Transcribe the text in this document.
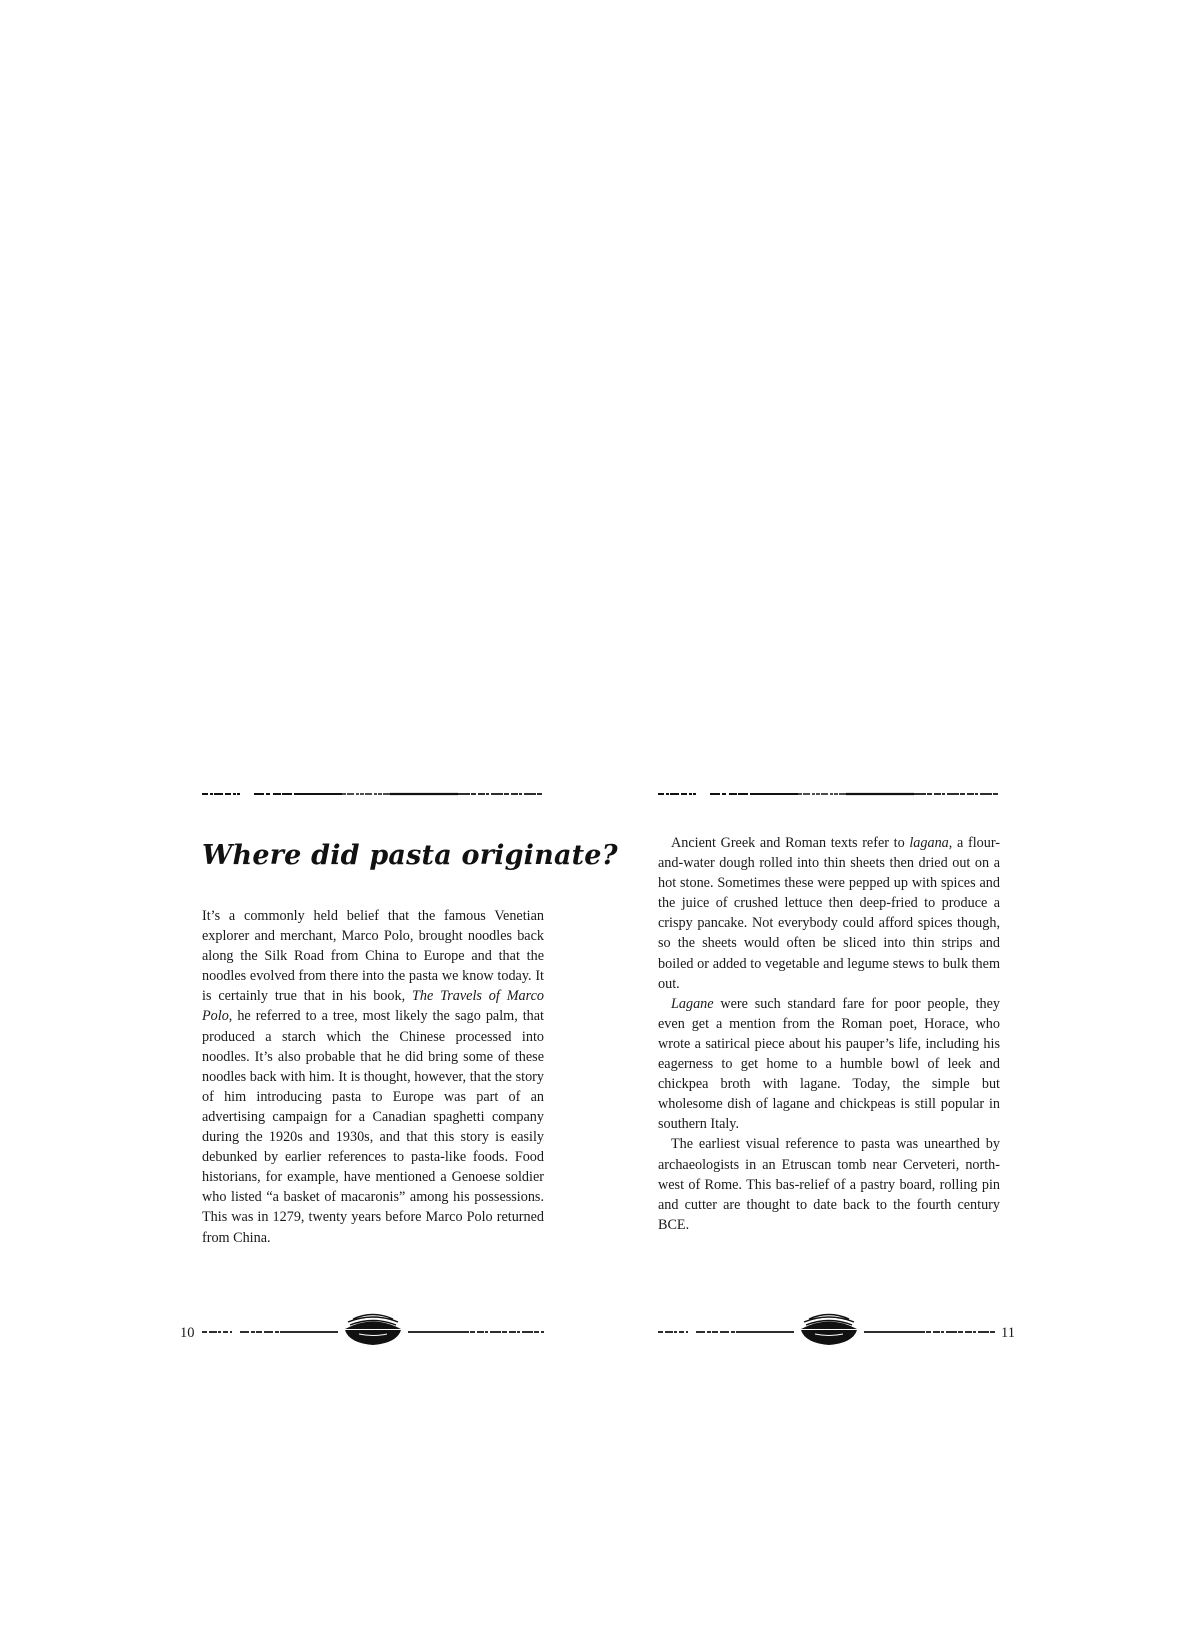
Where did pasta originate?

It’s a commonly held belief that the famous Venetian explorer and merchant, Marco Polo, brought noodles back along the Silk Road from China to Europe and that the noodles evolved from there into the pasta we know today. It is certainly true that in his book, The Travels of Marco Polo, he referred to a tree, most likely the sago palm, that produced a starch which the Chinese processed into noodles. It’s also probable that he did bring some of these noodles back with him. It is thought, however, that the story of him introducing pasta to Europe was part of an advertising campaign for a Canadian spaghetti company during the 1920s and 1930s, and that this story is easily debunked by earlier references to pasta-like foods. Food historians, for example, have mentioned a Genoese soldier who listed “a basket of macaronis” among his possessions. This was in 1279, twenty years before Marco Polo returned from China.

Ancient Greek and Roman texts refer to lagana, a flour-and-water dough rolled into thin sheets then dried out on a hot stone. Sometimes these were pepped up with spices and the juice of crushed lettuce then deep-fried to produce a crispy pancake. Not everybody could afford spices though, so the sheets would often be sliced into thin strips and boiled or added to vegetable and legume stews to bulk them out.

Lagane were such standard fare for poor people, they even get a mention from the Roman poet, Horace, who wrote a satirical piece about his pauper’s life, including his eagerness to get home to a humble bowl of leek and chickpea broth with lagane. Today, the simple but wholesome dish of lagane and chickpeas is still popular in southern Italy.

The earliest visual reference to pasta was unearthed by archaeologists in an Etruscan tomb near Cerveteri, north-west of Rome. This bas-relief of a pastry board, rolling pin and cutter are thought to date back to the fourth century BCE.

10	11
